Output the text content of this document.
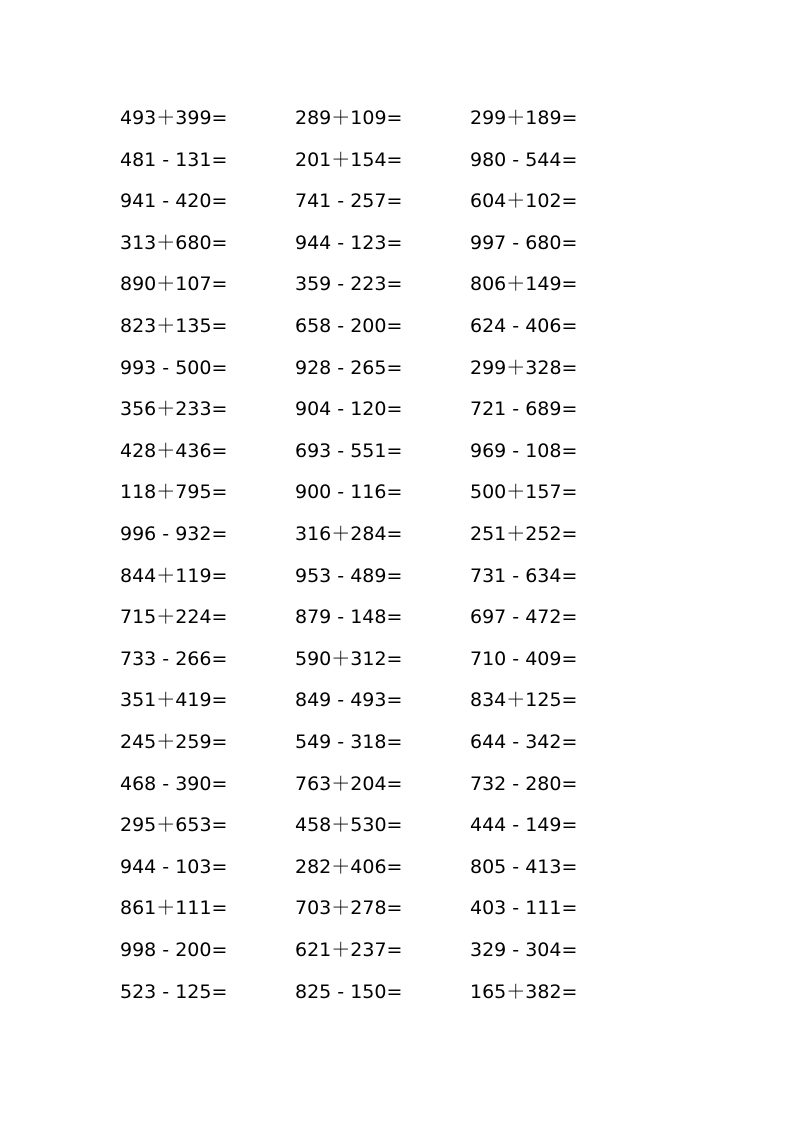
493＋399=
481 - 131=
941 - 420=
313＋680=
890＋107=
823＋135=
993 - 500=
356＋233=
428＋436=
118＋795=
996 - 932=
844＋119=
715＋224=
733 - 266=
351＋419=
245＋259=
468 - 390=
295＋653=
944 - 103=
861＋111=
998 - 200=
523 - 125=
289＋109=
201＋154=
741 - 257=
944 - 123=
359 - 223=
658 - 200=
928 - 265=
904 - 120=
693 - 551=
900 - 116=
316＋284=
953 - 489=
879 - 148=
590＋312=
849 - 493=
549 - 318=
763＋204=
458＋530=
282＋406=
703＋278=
621＋237=
825 - 150=
299＋189=
980 - 544=
604＋102=
997 - 680=
806＋149=
624 - 406=
299＋328=
721 - 689=
969 - 108=
500＋157=
251＋252=
731 - 634=
697 - 472=
710 - 409=
834＋125=
644 - 342=
732 - 280=
444 - 149=
805 - 413=
403 - 111=
329 - 304=
165＋382=
